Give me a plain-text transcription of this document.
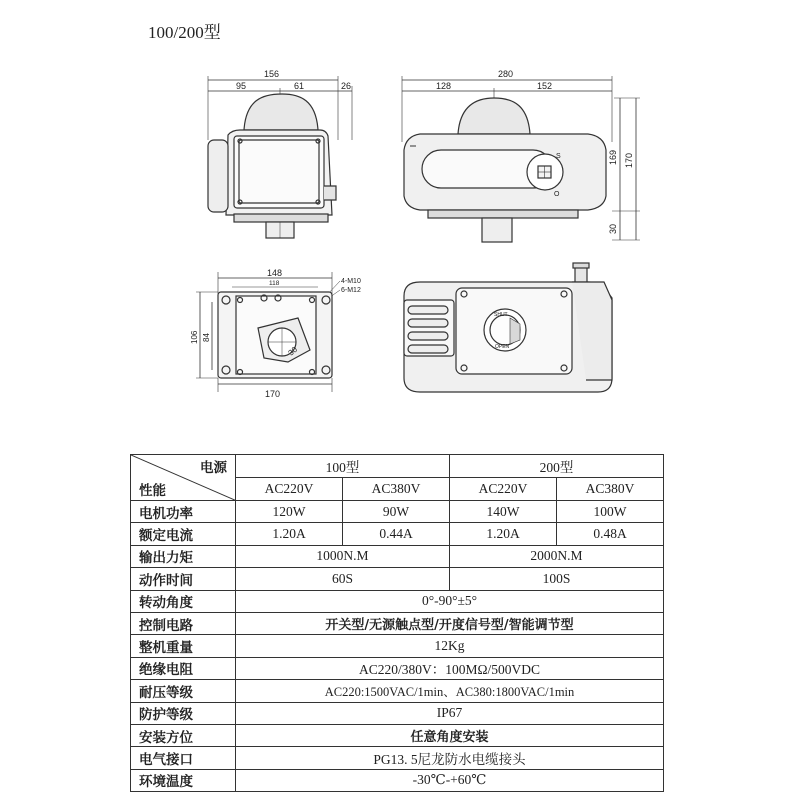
100/200型
156
95	61	26
280
128	152
169 170
30
S
O
148
118	4-M10
6-M12
30
170
106 84
SHUT
OPEN
电源
性能	100型		200型	
	AC220V	AC380V	AC220V	AC380V
电机功率	120W	90W	140W	100W
额定电流	1.20A	0.44A	1.20A	0.48A
输出力矩	1000N.M		2000N.M	
动作时间	60S		100S	
转动角度	0°-90°±5°			
控制电路	开关型/无源触点型/开度信号型/智能调节型			
整机重量	12Kg			
绝缘电阻	AC220/380V：100MΩ/500VDC			
耐压等级	AC220:1500VAC/1min、AC380:1800VAC/1min			
防护等级	IP67			
安装方位	任意角度安装			
电气接口	PG13. 5尼龙防水电缆接头			
环境温度	-30℃-+60℃			
